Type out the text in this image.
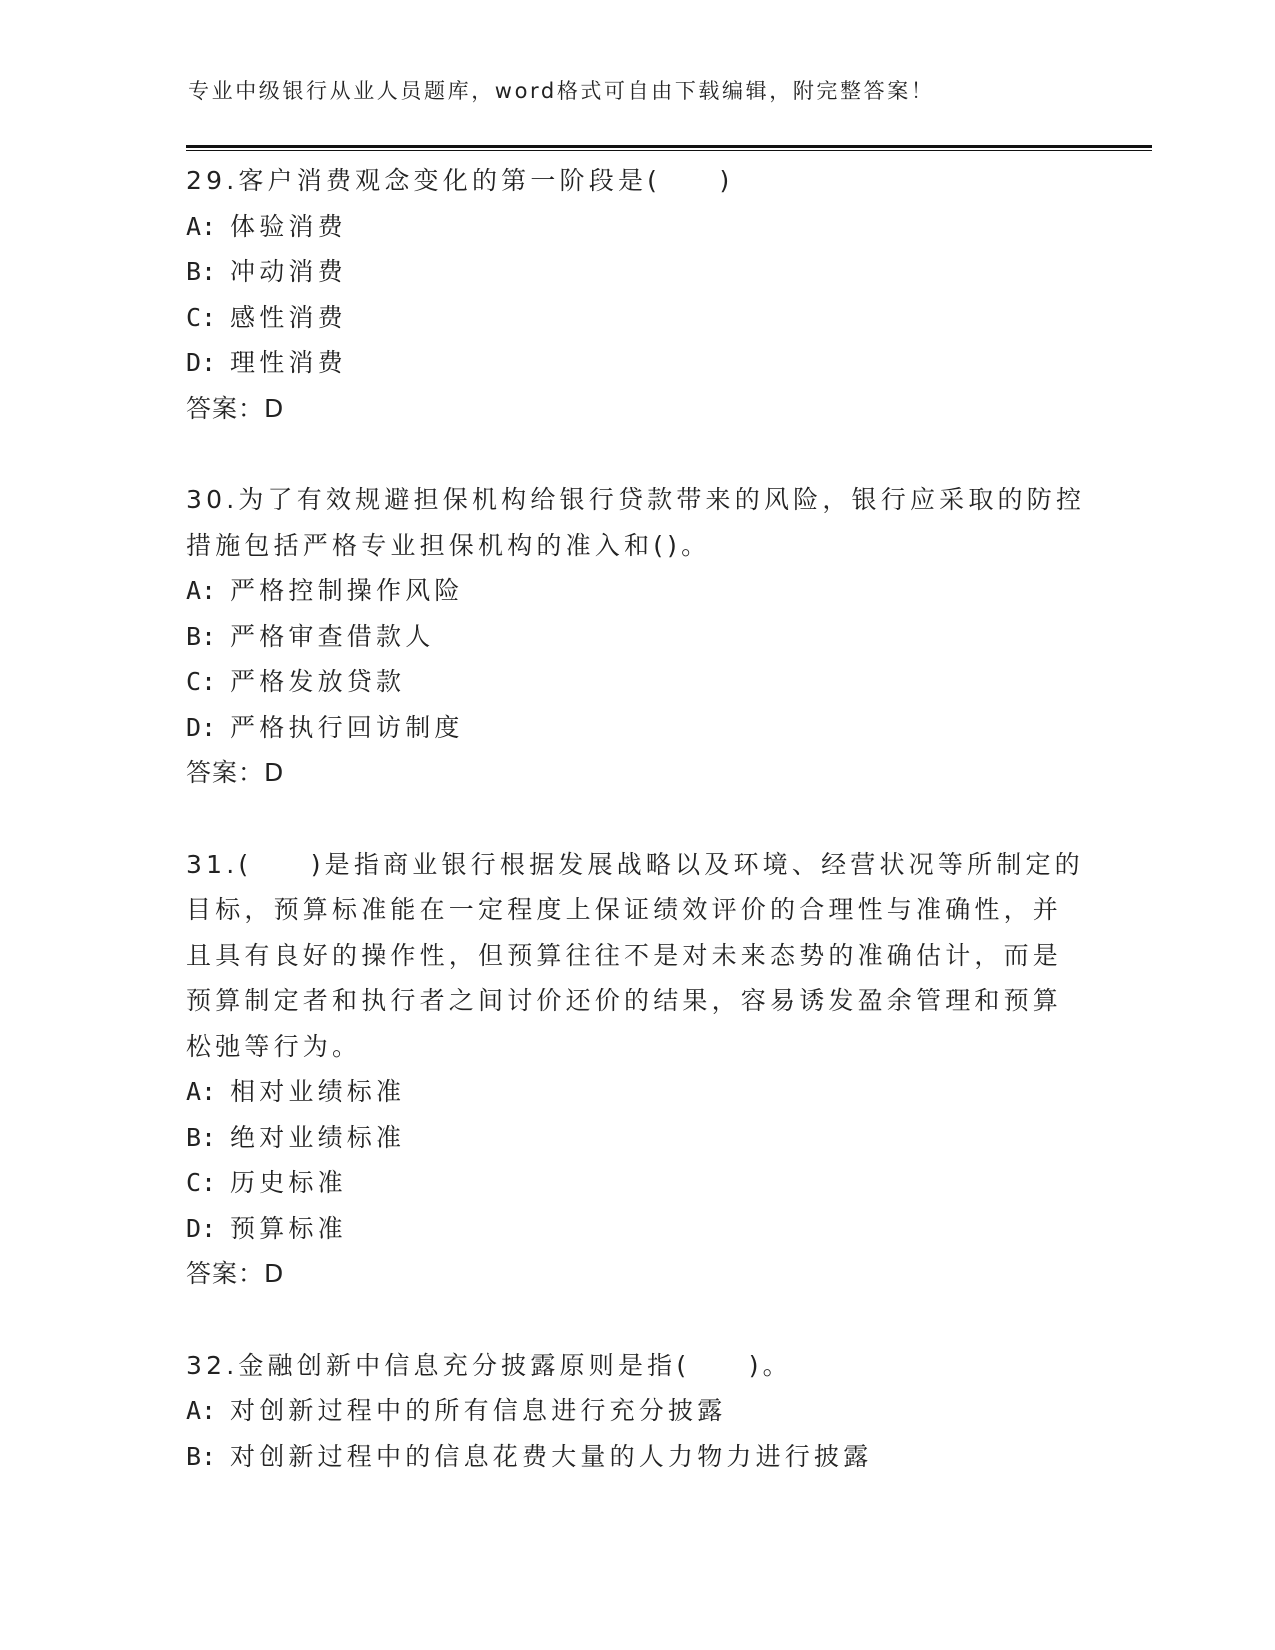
专业中级银行从业人员题库，word格式可自由下载编辑，附完整答案！

29.客户消费观念变化的第一阶段是(　　)

A: 体验消费
B: 冲动消费
C: 感性消费
D: 理性消费
答案：D

30.为了有效规避担保机构给银行贷款带来的风险，银行应采取的防控措施包括严格专业担保机构的准入和()。

A: 严格控制操作风险
B: 严格审查借款人
C: 严格发放贷款
D: 严格执行回访制度
答案：D

31.(　　)是指商业银行根据发展战略以及环境、经营状况等所制定的目标，预算标准能在一定程度上保证绩效评价的合理性与准确性，并且具有良好的操作性，但预算往往不是对未来态势的准确估计，而是预算制定者和执行者之间讨价还价的结果，容易诱发盈余管理和预算松弛等行为。

A: 相对业绩标准
B: 绝对业绩标准
C: 历史标准
D: 预算标准
答案：D

32.金融创新中信息充分披露原则是指(　　)。

A: 对创新过程中的所有信息进行充分披露
B: 对创新过程中的信息花费大量的人力物力进行披露
